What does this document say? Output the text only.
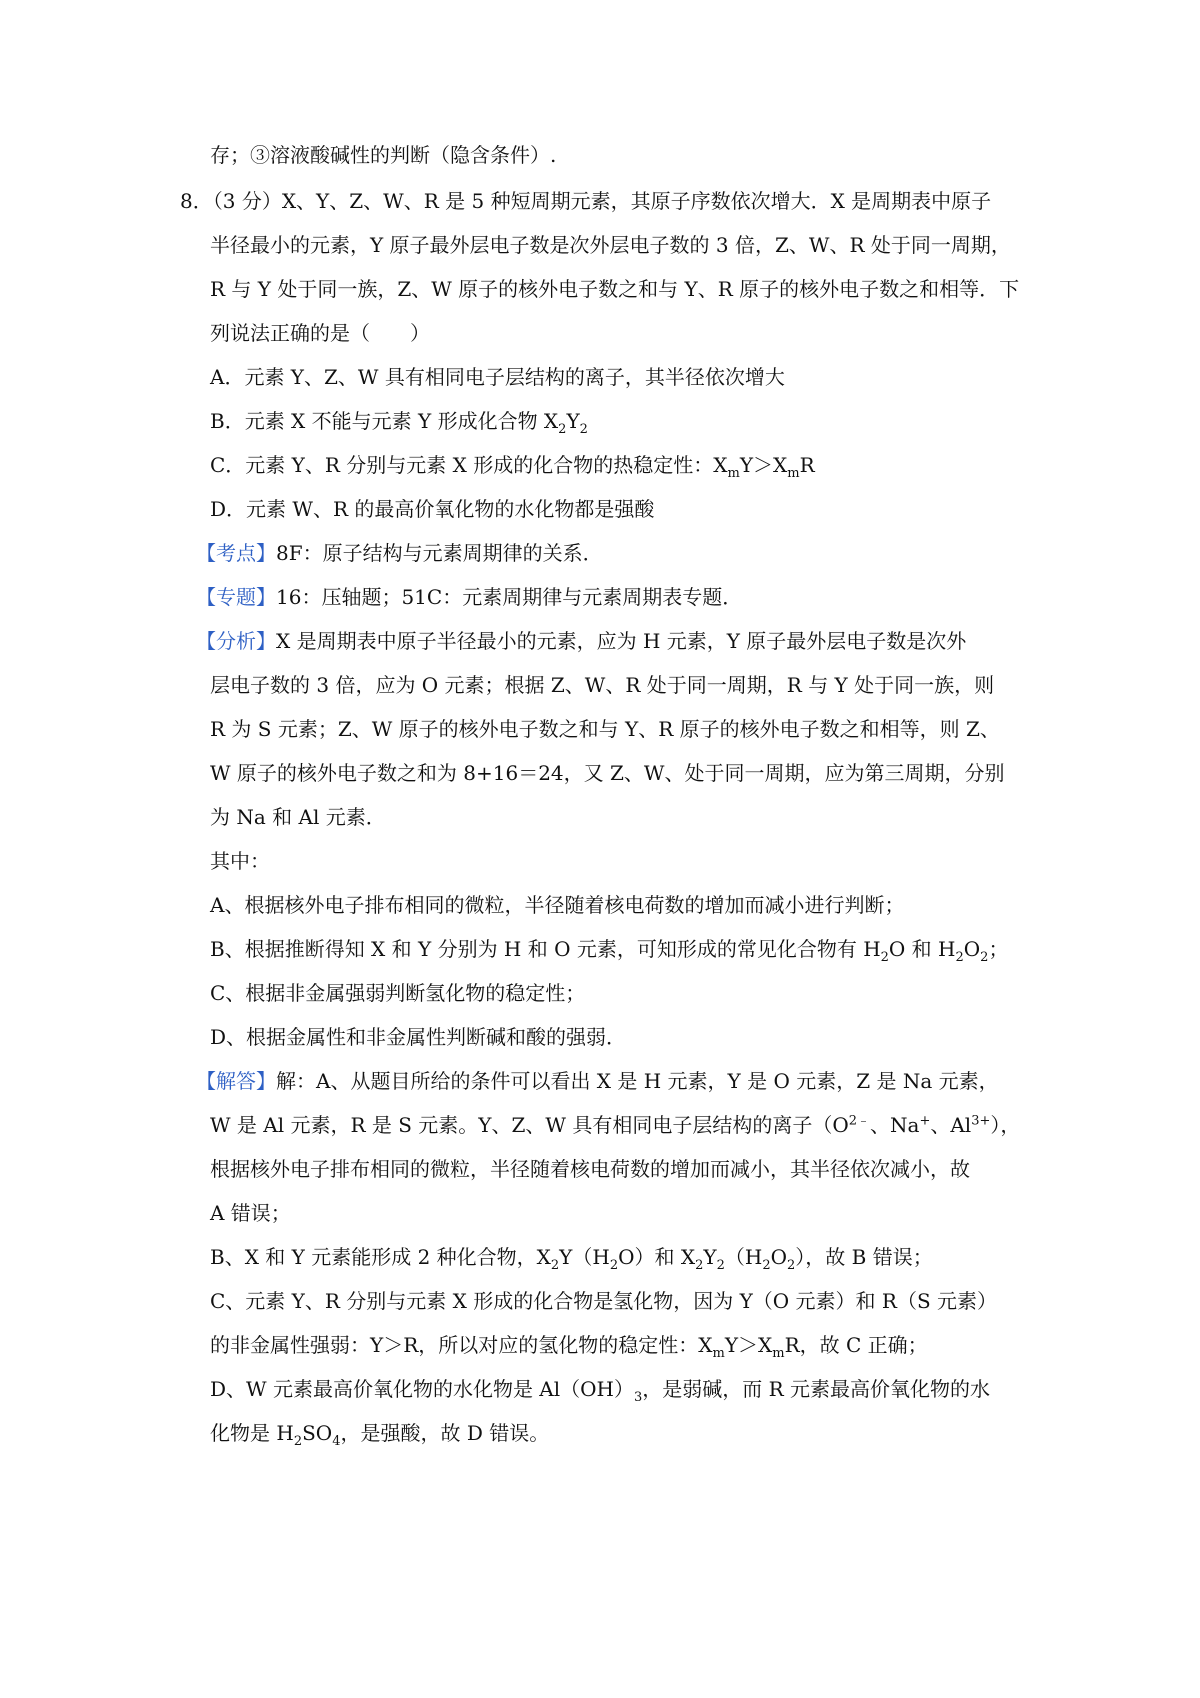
存；③溶液酸碱性的判断（隐含条件）.
8．（3 分）X、Y、Z、W、R 是 5 种短周期元素，其原子序数依次增大．X 是周期表中原子
半径最小的元素，Y 原子最外层电子数是次外层电子数的 3 倍，Z、W、R 处于同一周期，
R 与 Y 处于同一族，Z、W 原子的核外电子数之和与 Y、R 原子的核外电子数之和相等．下
列说法正确的是（　　）
A．元素 Y、Z、W 具有相同电子层结构的离子，其半径依次增大
B．元素 X 不能与元素 Y 形成化合物 $X_2Y_2$
C．元素 Y、R 分别与元素 X 形成的化合物的热稳定性：$X_mY>X_mR$
D．元素 W、R 的最高价氧化物的水化物都是强酸
【考点】8F：原子结构与元素周期律的关系．
【专题】16：压轴题；51C：元素周期律与元素周期表专题．
【分析】X 是周期表中原子半径最小的元素，应为 H 元素，Y 原子最外层电子数是次外
层电子数的 3 倍，应为 O 元素；根据 Z、W、R 处于同一周期，R 与 Y 处于同一族，则
R 为 S 元素；Z、W 原子的核外电子数之和与 Y、R 原子的核外电子数之和相等，则 Z、
W 原子的核外电子数之和为 8+16＝24，又 Z、W、处于同一周期，应为第三周期，分别
为 Na 和 Al 元素．
其中：
A、根据核外电子排布相同的微粒，半径随着核电荷数的增加而减小进行判断；
B、根据推断得知 X 和 Y 分别为 H 和 O 元素，可知形成的常见化合物有 $H_2O$ 和 $H_2O_2$；
C、根据非金属强弱判断氢化物的稳定性；
D、根据金属性和非金属性判断碱和酸的强弱．
【解答】解：A、从题目所给的条件可以看出 X 是 H 元素，Y 是 O 元素，Z 是 Na 元素，
W 是 Al 元素，R 是 S 元素。Y、Z、W 具有相同电子层结构的离子（$O^{2﹣}$、Na+、$Al^{3+}$），
根据核外电子排布相同的微粒，半径随着核电荷数的增加而减小，其半径依次减小，故
A 错误；
B、X 和 Y 元素能形成 2 种化合物，$X_2Y(H_2O)$和 $X_2Y_2(H_2O_2)$，故 B 错误；
C、元素 Y、R 分别与元素 X 形成的化合物是氢化物，因为 Y（O 元素）和 R（S 元素）
的非金属性强弱：Y＞R，所以对应的氢化物的稳定性：$X_mY>X_mR$，故 C 正确；
D、W 元素最高价氧化物的水化物是 $Al(OH)_3$，是弱碱，而 R 元素最高价氧化物的水
化物是 $H_2SO_4$，是强酸，故 D 错误。
